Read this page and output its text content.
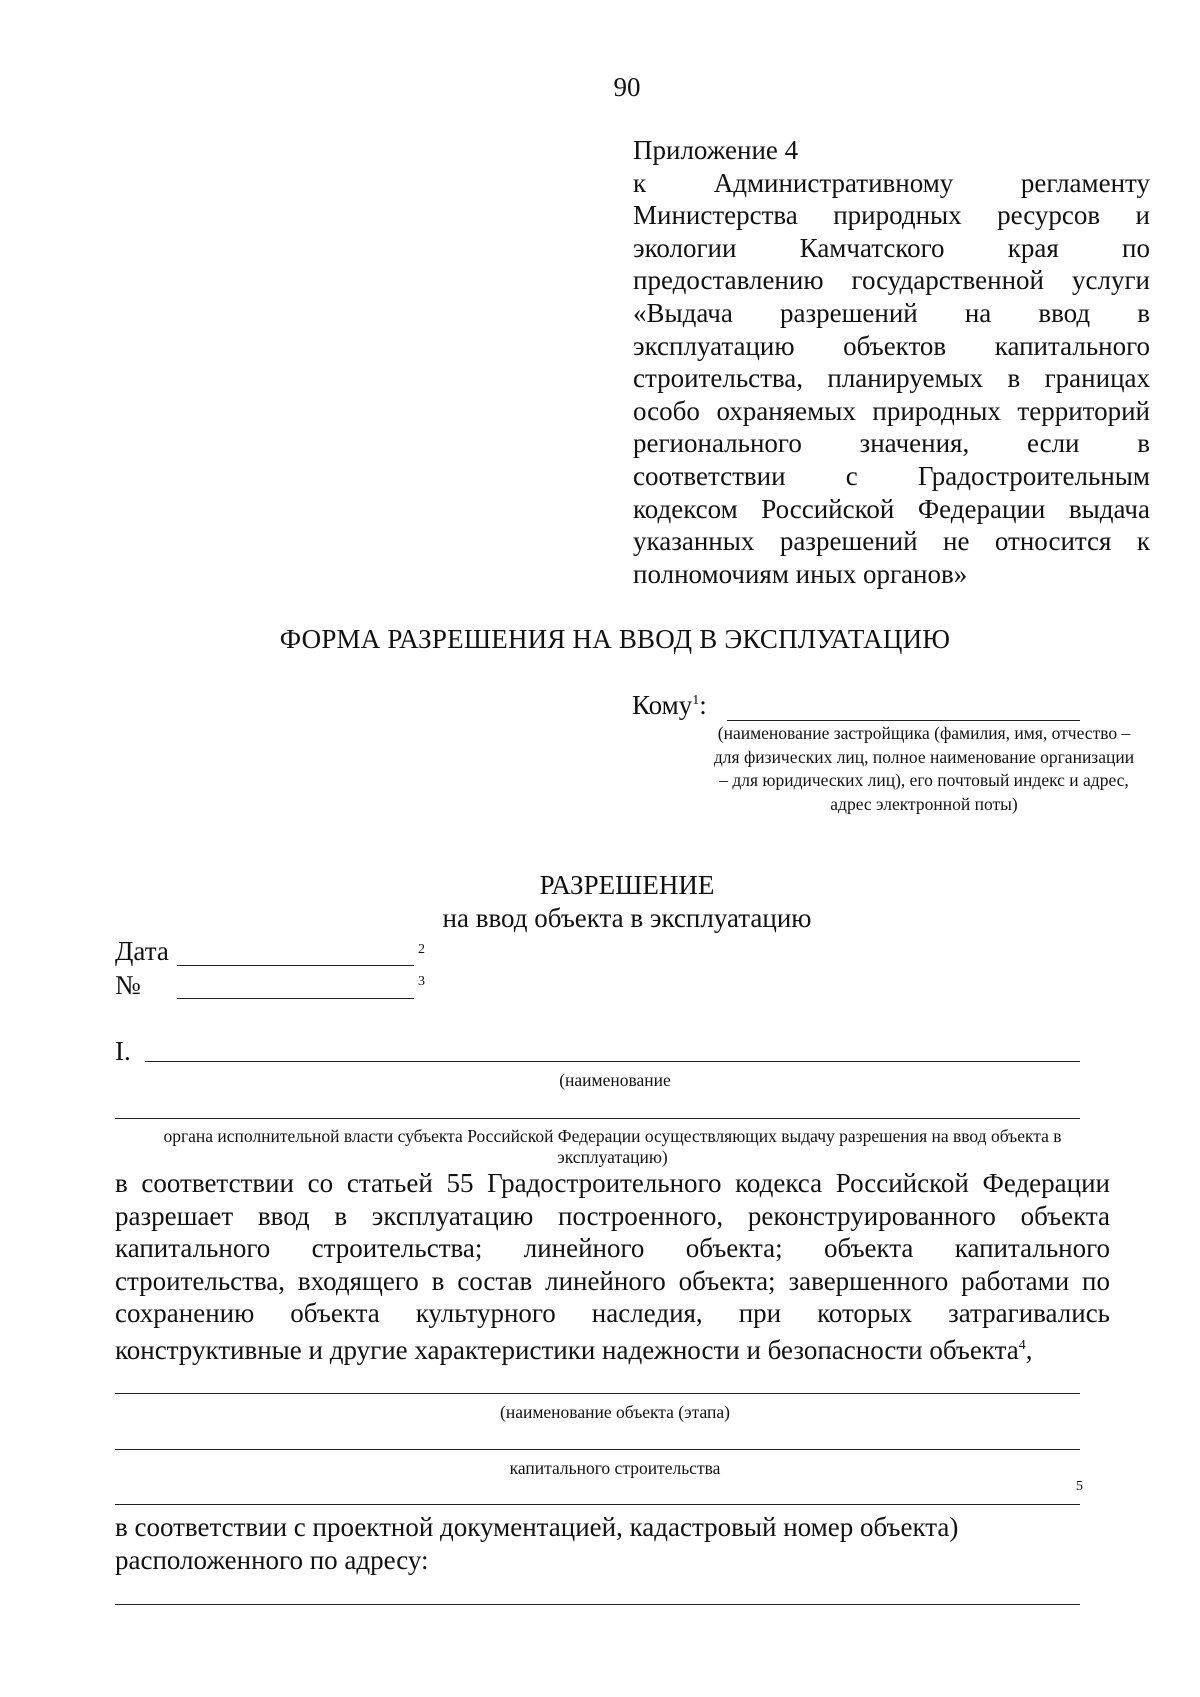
90
Приложение 4
к Административному регламенту Министерства природных ресурсов и экологии Камчатского края по предоставлению государственной услуги «Выдача разрешений на ввод в эксплуатацию объектов капитального строительства, планируемых в границах особо охраняемых природных территорий регионального значения, если в соответствии с Градостроительным кодексом Российской Федерации выдача указанных разрешений не относится к полномочиям иных органов»
ФОРМА РАЗРЕШЕНИЯ НА ВВОД В ЭКСПЛУАТАЦИЮ
Кому$^1$:
(наименование застройщика (фамилия, имя, отчество – для физических лиц, полное наименование организации – для юридических лиц), его почтовый индекс и адрес, адрес электронной поты)
РАЗРЕШЕНИЕ
на ввод объекта в эксплуатацию
Дата	2
№	3
I.
(наименование
органа исполнительной власти субъекта Российской Федерации осуществляющих выдачу разрешения на ввод объекта в эксплуатацию)
в соответствии со статьей 55 Градостроительного кодекса Российской Федерации разрешает ввод в эксплуатацию построенного, реконструированного объекта капитального строительства; линейного объекта; объекта капитального строительства, входящего в состав линейного объекта; завершенного работами по сохранению объекта культурного наследия, при которых затрагивались конструктивные и другие характеристики надежности и безопасности объекта$^4$,
(наименование объекта (этапа)
капитального строительства
5
в соответствии с проектной документацией, кадастровый номер объекта)
расположенного по адресу:
